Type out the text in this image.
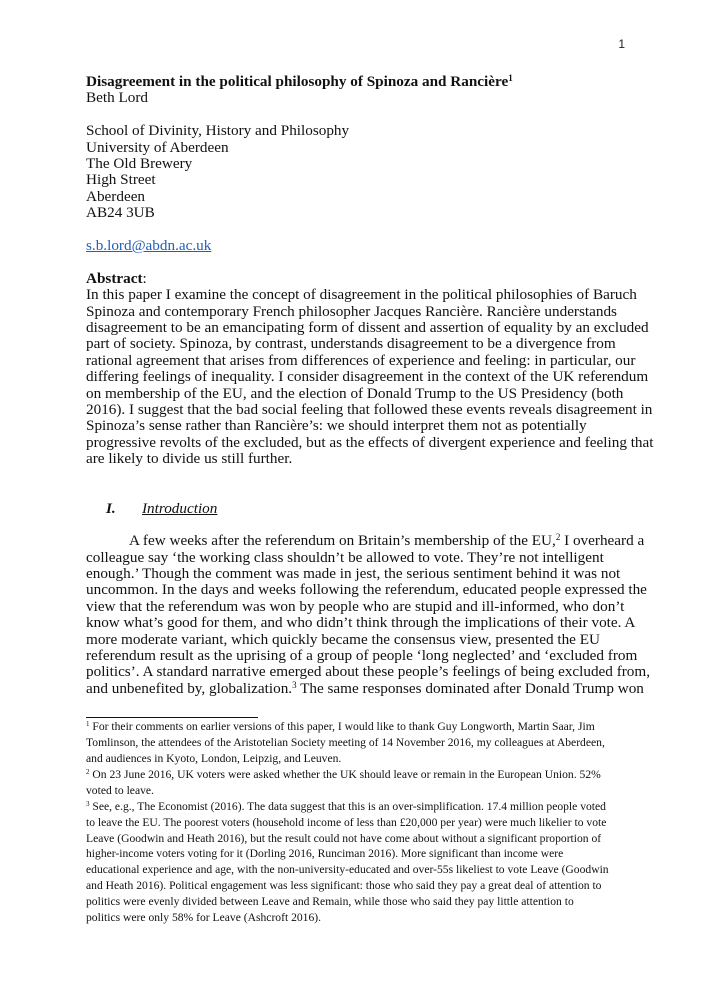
1
Disagreement in the political philosophy of Spinoza and Rancière$^1$
Beth Lord
School of Divinity, History and Philosophy
University of Aberdeen
The Old Brewery
High Street
Aberdeen
AB24 3UB
s.b.lord@abdn.ac.uk
Abstract:
In this paper I examine the concept of disagreement in the political philosophies of Baruch
Spinoza and contemporary French philosopher Jacques Rancière. Rancière understands
disagreement to be an emancipating form of dissent and assertion of equality by an excluded
part of society. Spinoza, by contrast, understands disagreement to be a divergence from
rational agreement that arises from differences of experience and feeling: in particular, our
differing feelings of inequality. I consider disagreement in the context of the UK referendum
on membership of the EU, and the election of Donald Trump to the US Presidency (both
2016). I suggest that the bad social feeling that followed these events reveals disagreement in
Spinoza’s sense rather than Rancière’s: we should interpret them not as potentially
progressive revolts of the excluded, but as the effects of divergent experience and feeling that
are likely to divide us still further.
I. Introduction
A few weeks after the referendum on Britain’s membership of the EU,$^2$ I overheard a
colleague say ‘the working class shouldn’t be allowed to vote. They’re not intelligent
enough.’ Though the comment was made in jest, the serious sentiment behind it was not
uncommon. In the days and weeks following the referendum, educated people expressed the
view that the referendum was won by people who are stupid and ill-informed, who don’t
know what’s good for them, and who didn’t think through the implications of their vote. A
more moderate variant, which quickly became the consensus view, presented the EU
referendum result as the uprising of a group of people ‘long neglected’ and ‘excluded from
politics’. A standard narrative emerged about these people’s feelings of being excluded from,
and unbenefited by, globalization.$^3$ The same responses dominated after Donald Trump won
$^1$ For their comments on earlier versions of this paper, I would like to thank Guy Longworth, Martin Saar, Jim
Tomlinson, the attendees of the Aristotelian Society meeting of 14 November 2016, my colleagues at Aberdeen,
and audiences in Kyoto, London, Leipzig, and Leuven.
$^2$ On 23 June 2016, UK voters were asked whether the UK should leave or remain in the European Union. 52%
voted to leave.
$^3$ See, e.g., The Economist (2016). The data suggest that this is an over-simplification. 17.4 million people voted
to leave the EU. The poorest voters (household income of less than £20,000 per year) were much likelier to vote
Leave (Goodwin and Heath 2016), but the result could not have come about without a significant proportion of
higher-income voters voting for it (Dorling 2016, Runciman 2016). More significant than income were
educational experience and age, with the non-university-educated and over-55s likeliest to vote Leave (Goodwin
and Heath 2016). Political engagement was less significant: those who said they pay a great deal of attention to
politics were evenly divided between Leave and Remain, while those who said they pay little attention to
politics were only 58% for Leave (Ashcroft 2016).
